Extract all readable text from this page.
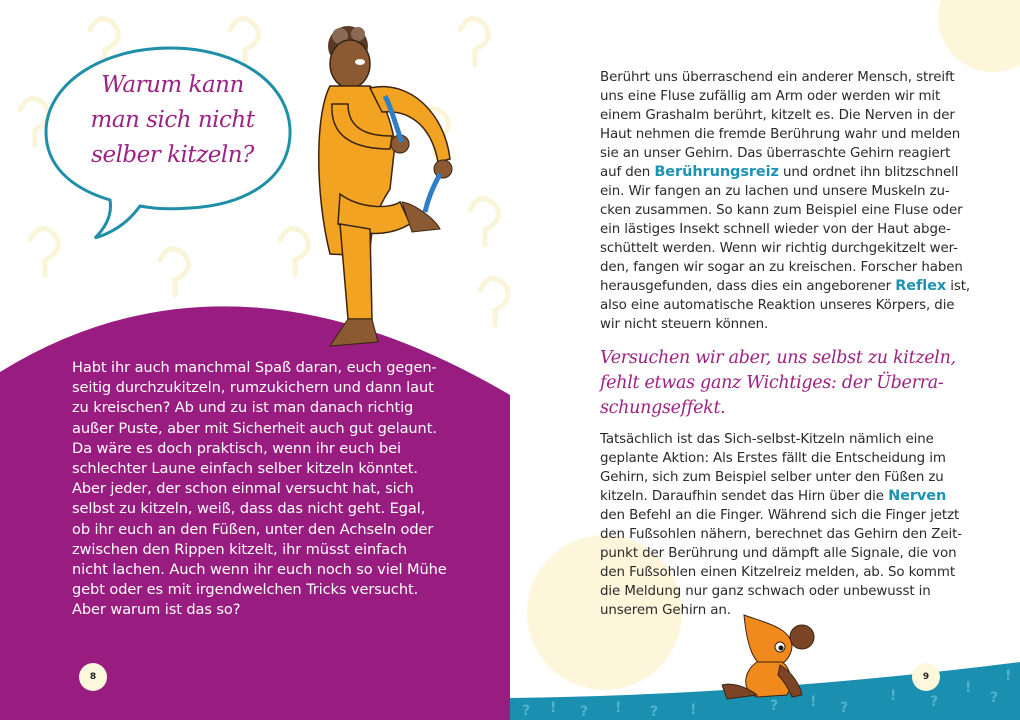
Warum kann
man sich nicht
selber kitzeln?
Habt ihr auch manchmal Spaß daran, euch gegen-
seitig durchzukitzeln, rumzukichern und dann laut
zu kreischen? Ab und zu ist man danach richtig
außer Puste, aber mit Sicherheit auch gut gelaunt.
Da wäre es doch praktisch, wenn ihr euch bei
schlechter Laune einfach selber kitzeln könntet.
Aber jeder, der schon einmal versucht hat, sich
selbst zu kitzeln, weiß, dass das nicht geht. Egal,
ob ihr euch an den Füßen, unter den Achseln oder
zwischen den Rippen kitzelt, ihr müsst einfach
nicht lachen. Auch wenn ihr euch noch so viel Mühe
gebt oder es mit irgendwelchen Tricks versucht.
Aber warum ist das so?
8
Berührt uns überraschend ein anderer Mensch, streift
uns eine Fluse zufällig am Arm oder werden wir mit
einem Grashalm berührt, kitzelt es. Die Nerven in der
Haut nehmen die fremde Berührung wahr und melden
sie an unser Gehirn. Das überraschte Gehirn reagiert
auf den Berührungsreiz und ordnet ihn blitzschnell
ein. Wir fangen an zu lachen und unsere Muskeln zu-
cken zusammen. So kann zum Beispiel eine Fluse oder
ein lästiges Insekt schnell wieder von der Haut abge-
schüttelt werden. Wenn wir richtig durchgekitzelt wer-
den, fangen wir sogar an zu kreischen. Forscher haben
herausgefunden, dass dies ein angeborener Reflex ist,
also eine automatische Reaktion unseres Körpers, die
wir nicht steuern können.
Versuchen wir aber, uns selbst zu kitzeln,
fehlt etwas ganz Wichtiges: der Überra-
schungseffekt.
Tatsächlich ist das Sich-selbst-Kitzeln nämlich eine
geplante Aktion: Als Erstes fällt die Entscheidung im
Gehirn, sich zum Beispiel selber unter den Füßen zu
kitzeln. Daraufhin sendet das Hirn über die Nerven
den Befehl an die Finger. Während sich die Finger jetzt
den Fußsohlen nähern, berechnet das Gehirn den Zeit-
punkt der Berührung und dämpft alle Signale, die von
den Fußsohlen einen Kitzelreiz melden, ab. So kommt
die Meldung nur ganz schwach oder unbewusst in
unserem Gehirn an.
? ! ? ! ? !	? ! ?
! ?
!
?
!
9
